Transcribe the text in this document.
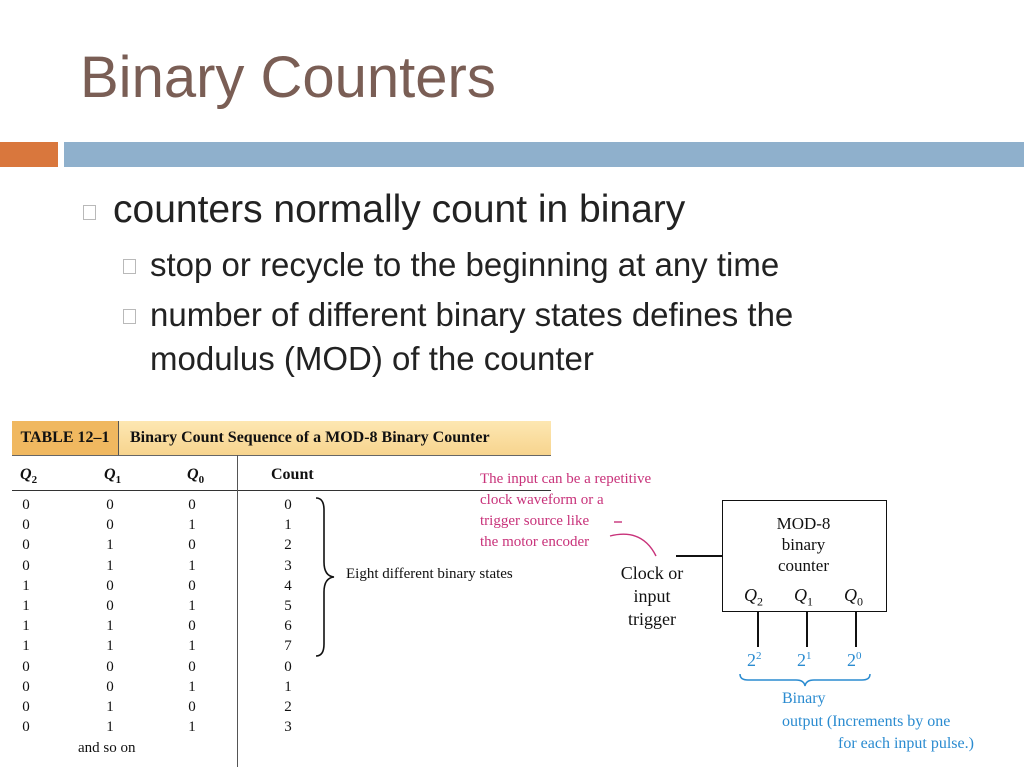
Binary Counters
counters normally count in binary
stop or recycle to the beginning at any time
number of different binary states defines the
modulus (MOD) of the counter
TABLE 12–1	Binary Count Sequence of a MOD-8 Binary Counter
$Q_2$	$Q_1$	$Q_0$	Count
0	0	0	0
0	0	1	1
0	1	0	2
0	1	1	3
1	0	0	4
1	0	1	5
1	1	0	6
1	1	1	7
0	0	0	0
0	0	1	1
0	1	0	2
0	1	1	3
and so on
Eight different binary states
The input can be a repetitive
clock waveform or a
trigger source like
the motor encoder
Clock or
input
trigger
MOD-8
binary
counter
$Q_2$ $Q_1$ $Q_0$
$2^2$ $2^1$ $2^0$
Binary
output (Increments by one
for each input pulse.)
